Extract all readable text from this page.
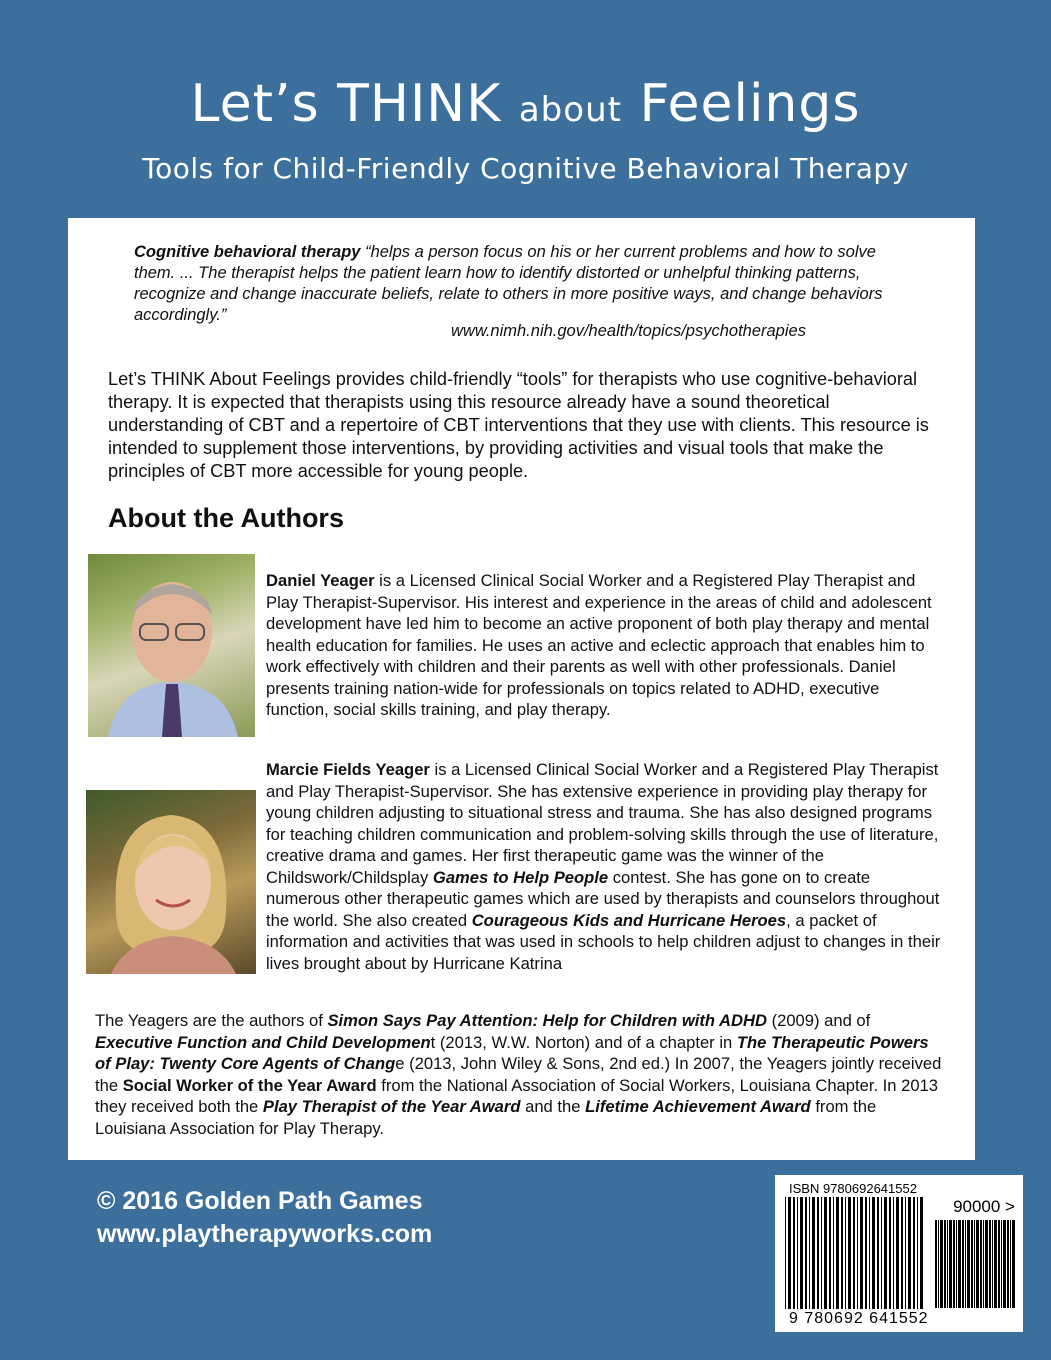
Let’s THINK about Feelings
Tools for Child-Friendly Cognitive Behavioral Therapy
Cognitive behavioral therapy “helps a person focus on his or her current problems and how to solve them. ... The therapist helps the patient learn how to identify distorted or unhelpful thinking patterns, recognize and change inaccurate beliefs, relate to others in more positive ways, and change behaviors accordingly.”
www.nimh.nih.gov/health/topics/psychotherapies
Let’s THINK About Feelings provides child-friendly “tools” for therapists who use cognitive-behavioral therapy. It is expected that therapists using this resource already have a sound theoretical understanding of CBT and a repertoire of CBT interventions that they use with clients. This resource is intended to supplement those interventions, by providing activities and visual tools that make the principles of CBT more accessible for young people.
About the Authors
Daniel Yeager is a Licensed Clinical Social Worker and a Registered Play Therapist and Play Therapist-Supervisor. His interest and experience in the areas of child and adolescent development have led him to become an active proponent of both play therapy and mental health education for families. He uses an active and eclectic approach that enables him to work effectively with children and their parents as well with other professionals. Daniel presents training nation-wide for professionals on topics related to ADHD, executive function, social skills training, and play therapy.
Marcie Fields Yeager is a Licensed Clinical Social Worker and a Registered Play Therapist and Play Therapist-Supervisor. She has extensive experience in providing play therapy for young children adjusting to situational stress and trauma. She has also designed programs for teaching children communication and problem-solving skills through the use of literature, creative drama and games. Her first therapeutic game was the winner of the Childswork/Childsplay Games to Help People contest. She has gone on to create numerous other therapeutic games which are used by therapists and counselors throughout the world. She also created Courageous Kids and Hurricane Heroes, a packet of information and activities that was used in schools to help children adjust to changes in their lives brought about by Hurricane Katrina
The Yeagers are the authors of Simon Says Pay Attention: Help for Children with ADHD (2009) and of Executive Function and Child Development (2013, W.W. Norton) and of a chapter in The Therapeutic Powers of Play: Twenty Core Agents of Change (2013, John Wiley & Sons, 2nd ed.) In 2007, the Yeagers jointly received the Social Worker of the Year Award from the National Association of Social Workers, Louisiana Chapter. In 2013 they received both the Play Therapist of the Year Award and the Lifetime Achievement Award from the Louisiana Association for Play Therapy.
© 2016 Golden Path Games
www.playtherapyworks.com
ISBN 9780692641552
90000 >
9 780692 641552
